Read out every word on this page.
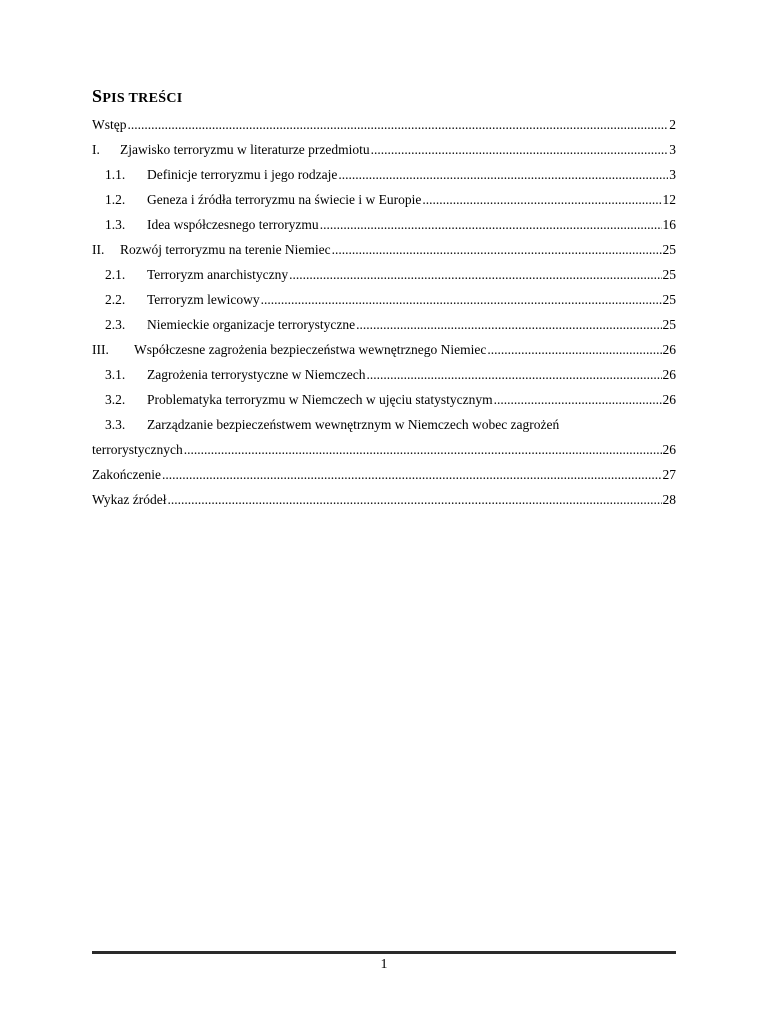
SPIS TREŚCI
Wstęp .....	2
I.	Zjawisko terroryzmu w literaturze przedmiotu .....	3
1.1.	Definicje terroryzmu i jego rodzaje .....	3
1.2.	Geneza i źródła terroryzmu na świecie i w Europie .....	12
1.3.	Idea współczesnego terroryzmu .....	16
II.	Rozwój terroryzmu na terenie Niemiec .....	25
2.1.	Terroryzm anarchistyczny .....	25
2.2.	Terroryzm lewicowy .....	25
2.3.	Niemieckie organizacje terrorystyczne .....	25
III.	Współczesne zagrożenia bezpieczeństwa wewnętrznego Niemiec .....	26
3.1.	Zagrożenia terrorystyczne w Niemczech .....	26
3.2.	Problematyka terroryzmu w Niemczech w ujęciu statystycznym .....	26
3.3.	Zarządzanie bezpieczeństwem wewnętrznym w Niemczech wobec zagrożeń
terrorystycznych .....	26
Zakończenie .....	27
Wykaz źródeł .....	28
1
